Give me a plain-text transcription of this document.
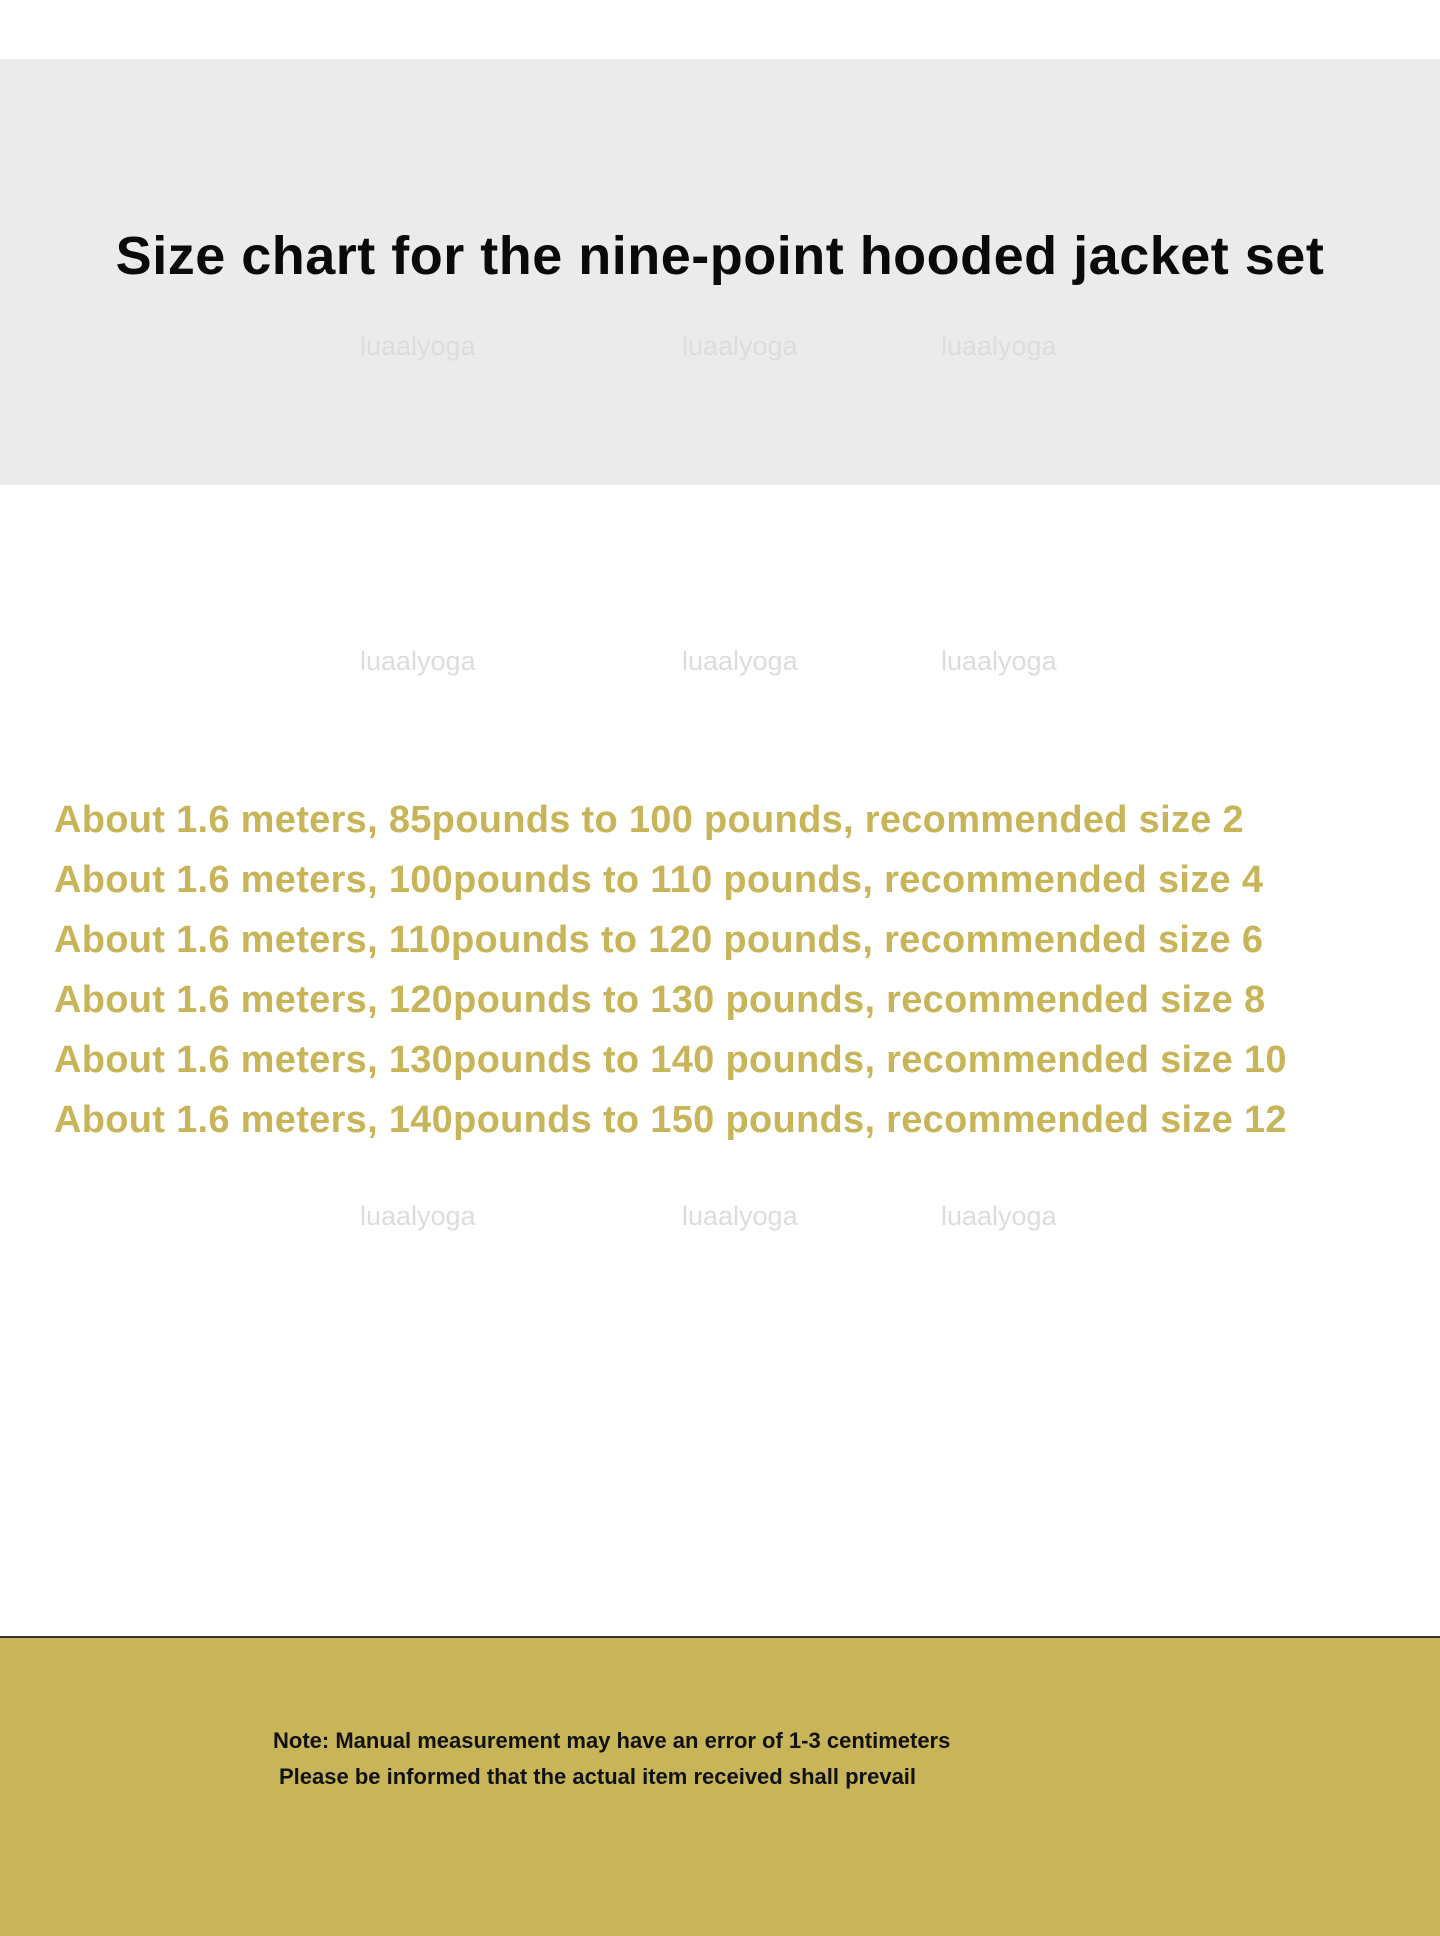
Size chart for the nine-point hooded jacket set
luaalyoga	luaalyoga	luaalyoga
luaalyoga	luaalyoga	luaalyoga
luaalyoga	luaalyoga	luaalyoga
About 1.6 meters, 85pounds to 100 pounds, recommended size 2
About 1.6 meters, 100pounds to 110 pounds, recommended size 4
About 1.6 meters, 110pounds to 120 pounds, recommended size 6
About 1.6 meters, 120pounds to 130 pounds, recommended size 8
About 1.6 meters, 130pounds to 140 pounds, recommended size 10
About 1.6 meters, 140pounds to 150 pounds, recommended size 12
Note: Manual measurement may have an error of 1-3 centimeters
Please be informed that the actual item received shall prevail
